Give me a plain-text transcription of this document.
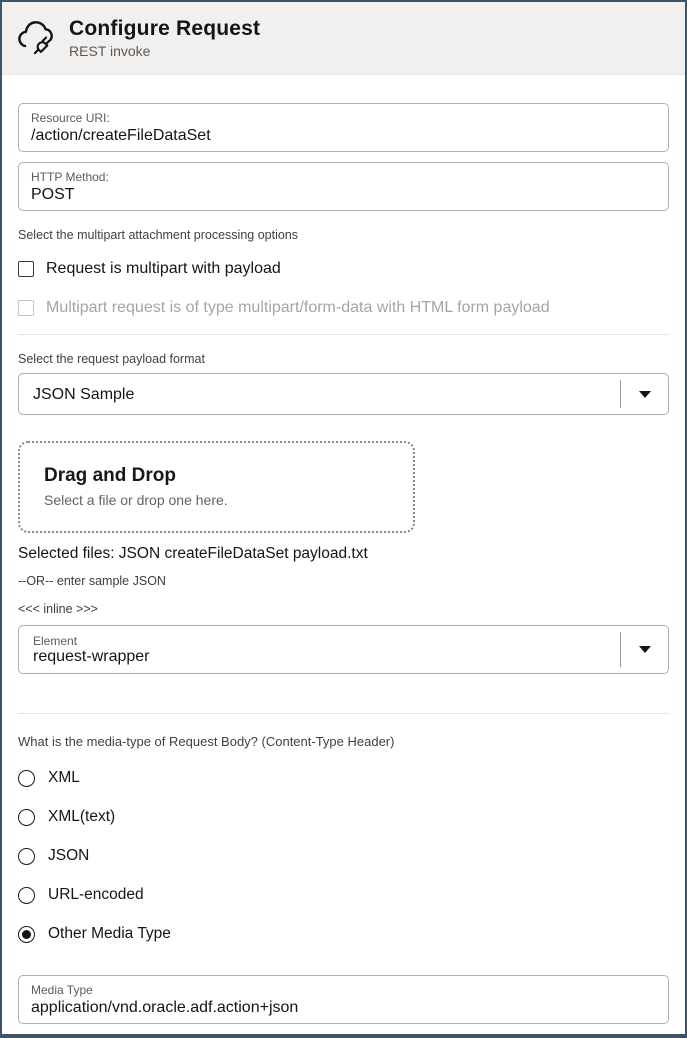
Configure Request
REST invoke
Resource URI:
/action/createFileDataSet
HTTP Method:
POST
Select the multipart attachment processing options
Request is multipart with payload
Multipart request is of type multipart/form-data with HTML form payload
Select the request payload format
JSON Sample
Drag and Drop
Select a file or drop one here.
Selected files: JSON createFileDataSet payload.txt
--OR-- enter sample JSON
<<< inline >>>
Element
request-wrapper
What is the media-type of Request Body? (Content-Type Header)
XML
XML(text)
JSON
URL-encoded
Other Media Type
Media Type
application/vnd.oracle.adf.action+json
